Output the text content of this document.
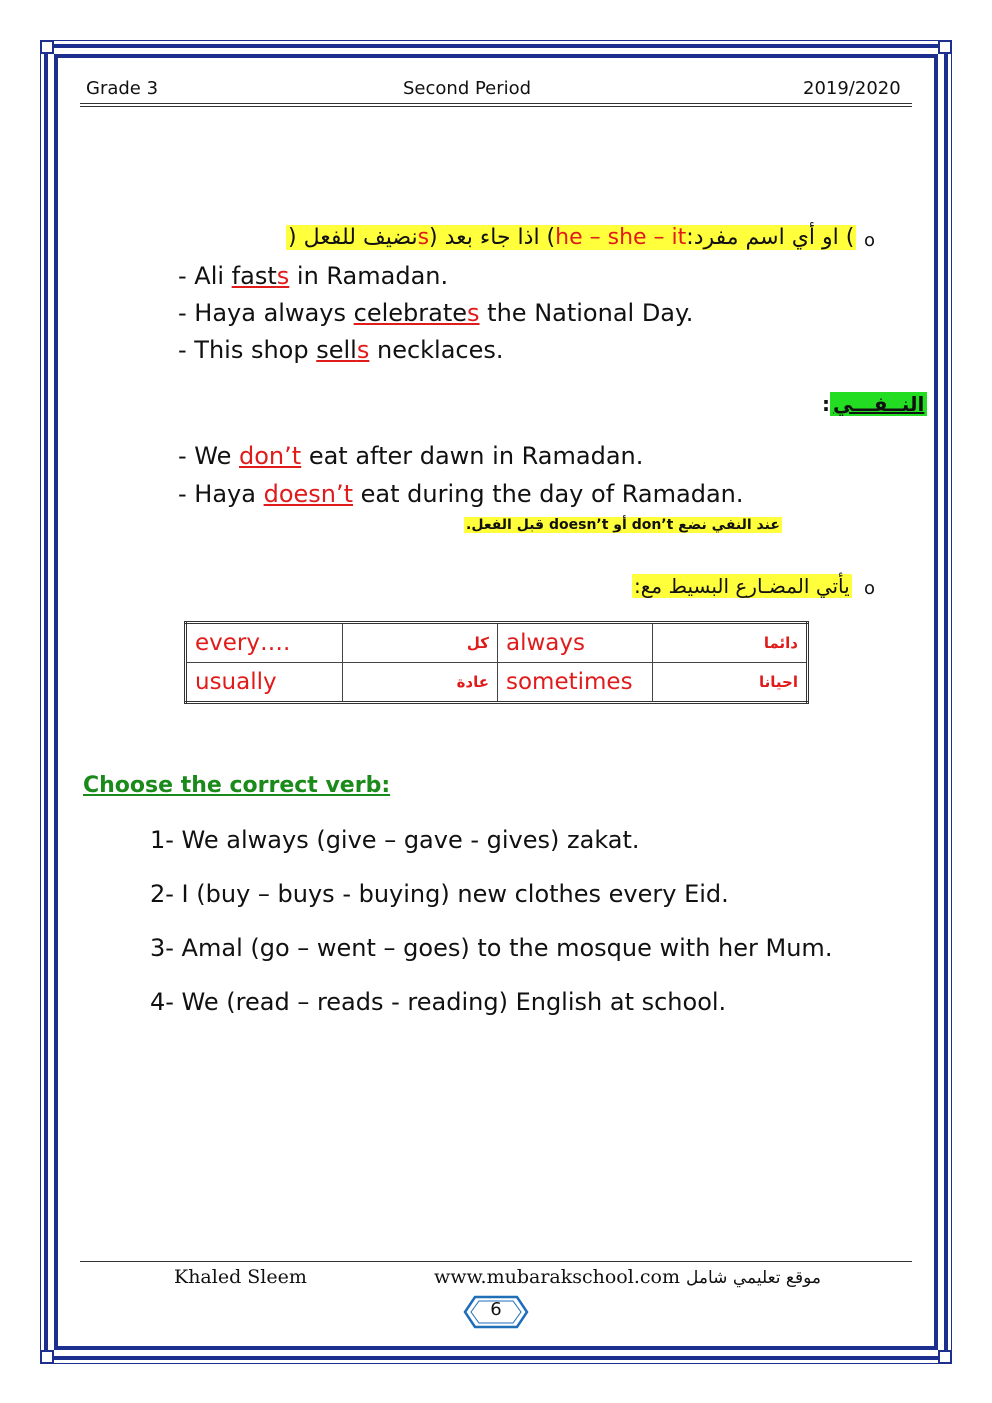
Grade 3	Second Period	2019/2020
) او أي اسم مفرد:he – she – it) اذا جاء بعد (sنضيف للفعل (	o
- Ali fasts in Ramadan.
- Haya always celebrates the National Day.
- This shop sells necklaces.
: النــفـــي
- We don’t eat after dawn in Ramadan.
- Haya doesn’t eat during the day of Ramadan.
عند النفي نضع don’t أو doesn’t قبل الفعل.
يأتي المضـارع البسيط مع: o
every….	كل	always	دائما
usually	عادة	sometimes	احيانا
Choose the correct verb:
1- We always (give – gave - gives) zakat.
2- I (buy – buys - buying) new clothes every Eid.
3- Amal (go – went – goes) to the mosque with her Mum.
4- We (read – reads - reading) English at school.
Khaled Sleem	www.mubarakschool.com موقع تعليمي شامل
6
